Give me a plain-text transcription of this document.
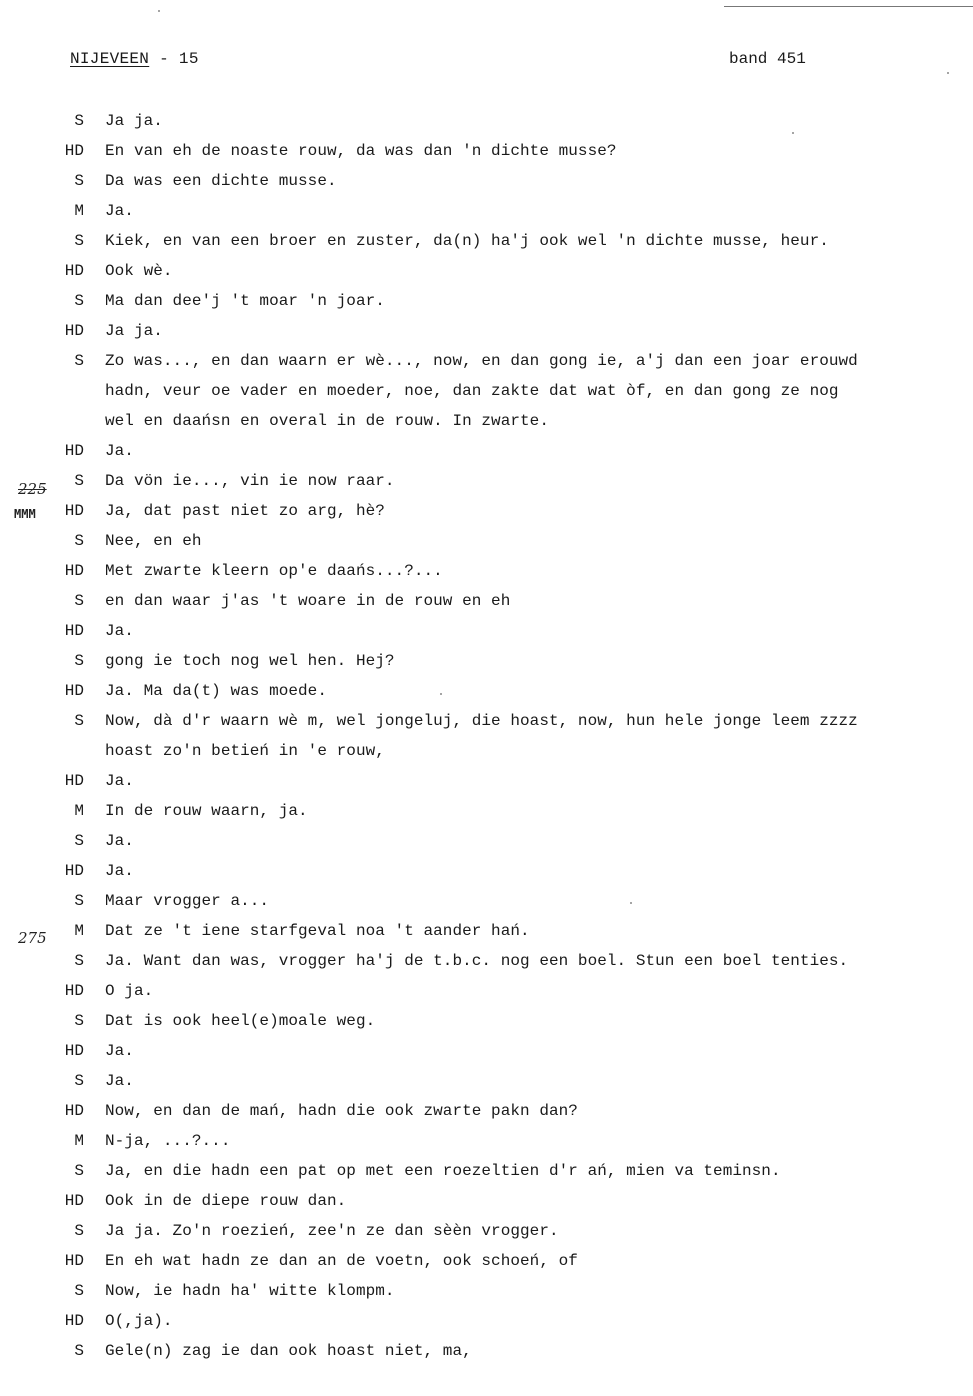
NIJEVEEN - 15	band 451
225
MMM
275
S Ja ja.
HD En van eh de noaste rouw, da was dan 'n dichte musse?
S Da was een dichte musse.
M Ja.
S Kiek, en van een broer en zuster, da(n) ha'j ook wel 'n dichte musse, heur.
HD Ook wè.
S Ma dan dee'j 't moar 'n joar.
HD Ja ja.
S Zo was..., en dan waarn er wè..., now, en dan gong ie, a'j dan een joar erouwd
hadn, veur oe vader en moeder, noe, dan zakte dat wat òf, en dan gong ze nog
wel en daańsn en overal in de rouw. In zwarte.
HD Ja.
S Da vön ie..., vin ie now raar.
HD Ja, dat past niet zo arg, hè?
S Nee, en eh
HD Met zwarte kleern op'e daańs...?...
S en dan waar j'as 't woare in de rouw en eh
HD Ja.
S gong ie toch nog wel hen. Hej?
HD Ja. Ma da(t) was moede.
S Now, dà d'r waarn wè m, wel jongeluj, die hoast, now, hun hele jonge leem zzzz
hoast zo'n betień in 'e rouw,
HD Ja.
M In de rouw waarn, ja.
S Ja.
HD Ja.
S Maar vrogger a...
M Dat ze 't iene starfgeval noa 't aander hań.
S Ja. Want dan was, vrogger ha'j de t.b.c. nog een boel. Stun een boel tenties.
HD O ja.
S Dat is ook heel(e)moale weg.
HD Ja.
S Ja.
HD Now, en dan de mań, hadn die ook zwarte pakn dan?
M N-ja, ...?...
S Ja, en die hadn een pat op met een roezeltien d'r ań, mien va teminsn.
HD Ook in de diepe rouw dan.
S Ja ja. Zo'n roezień, zee'n ze dan sèèn vrogger.
HD En eh wat hadn ze dan an de voetn, ook schoeń, of
S Now, ie hadn ha' witte klompm.
HD O(,ja).
S Gele(n) zag ie dan ook hoast niet, ma,
